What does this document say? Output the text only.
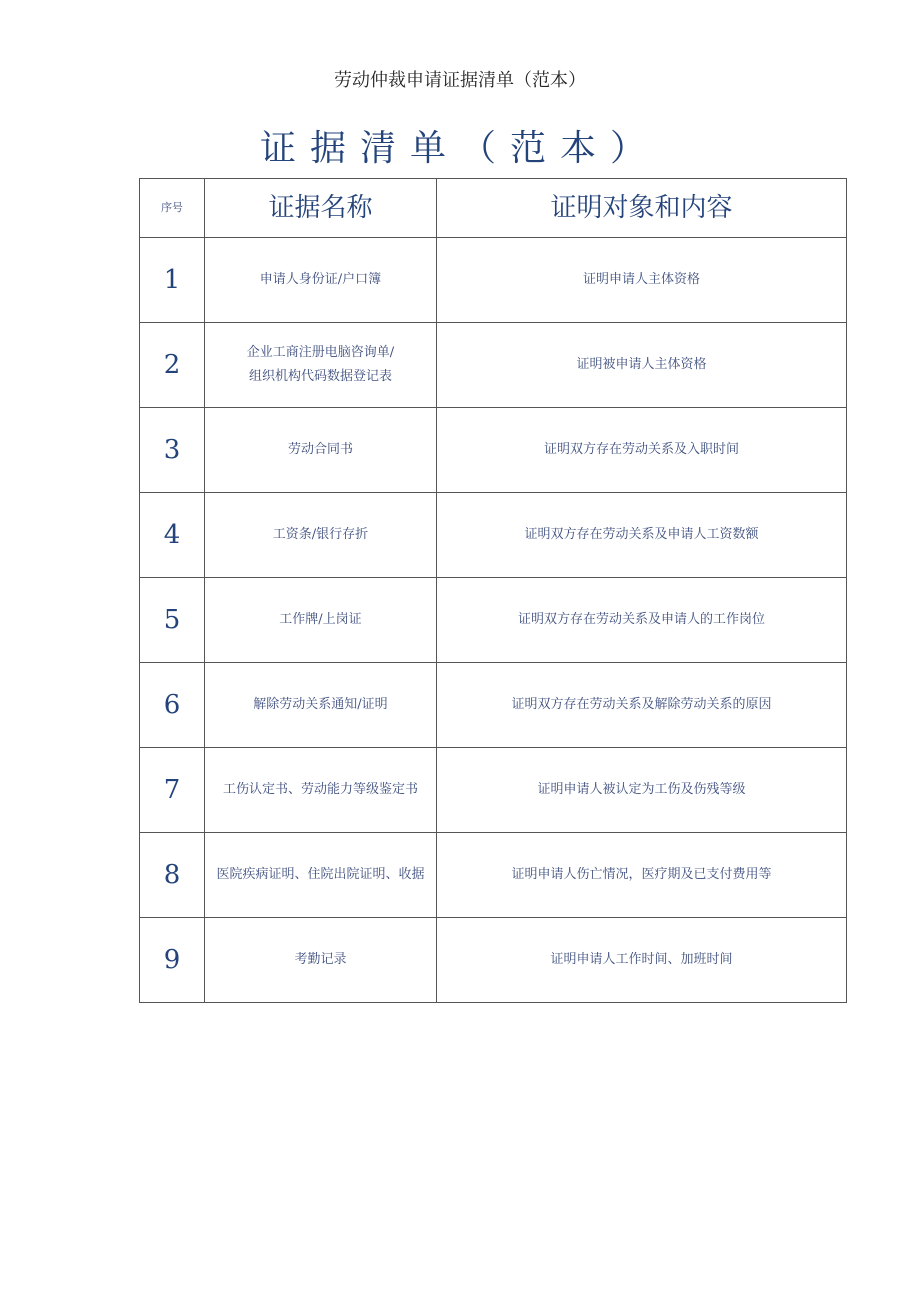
劳动仲裁申请证据清单（范本）
证据清单（范本）
序号	证据名称	证明对象和内容
1	申请人身份证/户口簿	证明申请人主体资格
2	企业工商注册电脑咨询单/
组织机构代码数据登记表	证明被申请人主体资格
3	劳动合同书	证明双方存在劳动关系及入职时间
4	工资条/银行存折	证明双方存在劳动关系及申请人工资数额
5	工作牌/上岗证	证明双方存在劳动关系及申请人的工作岗位
6	解除劳动关系通知/证明	证明双方存在劳动关系及解除劳动关系的原因
7	工伤认定书、劳动能力等级鉴定书	证明申请人被认定为工伤及伤残等级
8	医院疾病证明、住院出院证明、收据	证明申请人伤亡情况，医疗期及已支付费用等
9	考勤记录	证明申请人工作时间、加班时间
